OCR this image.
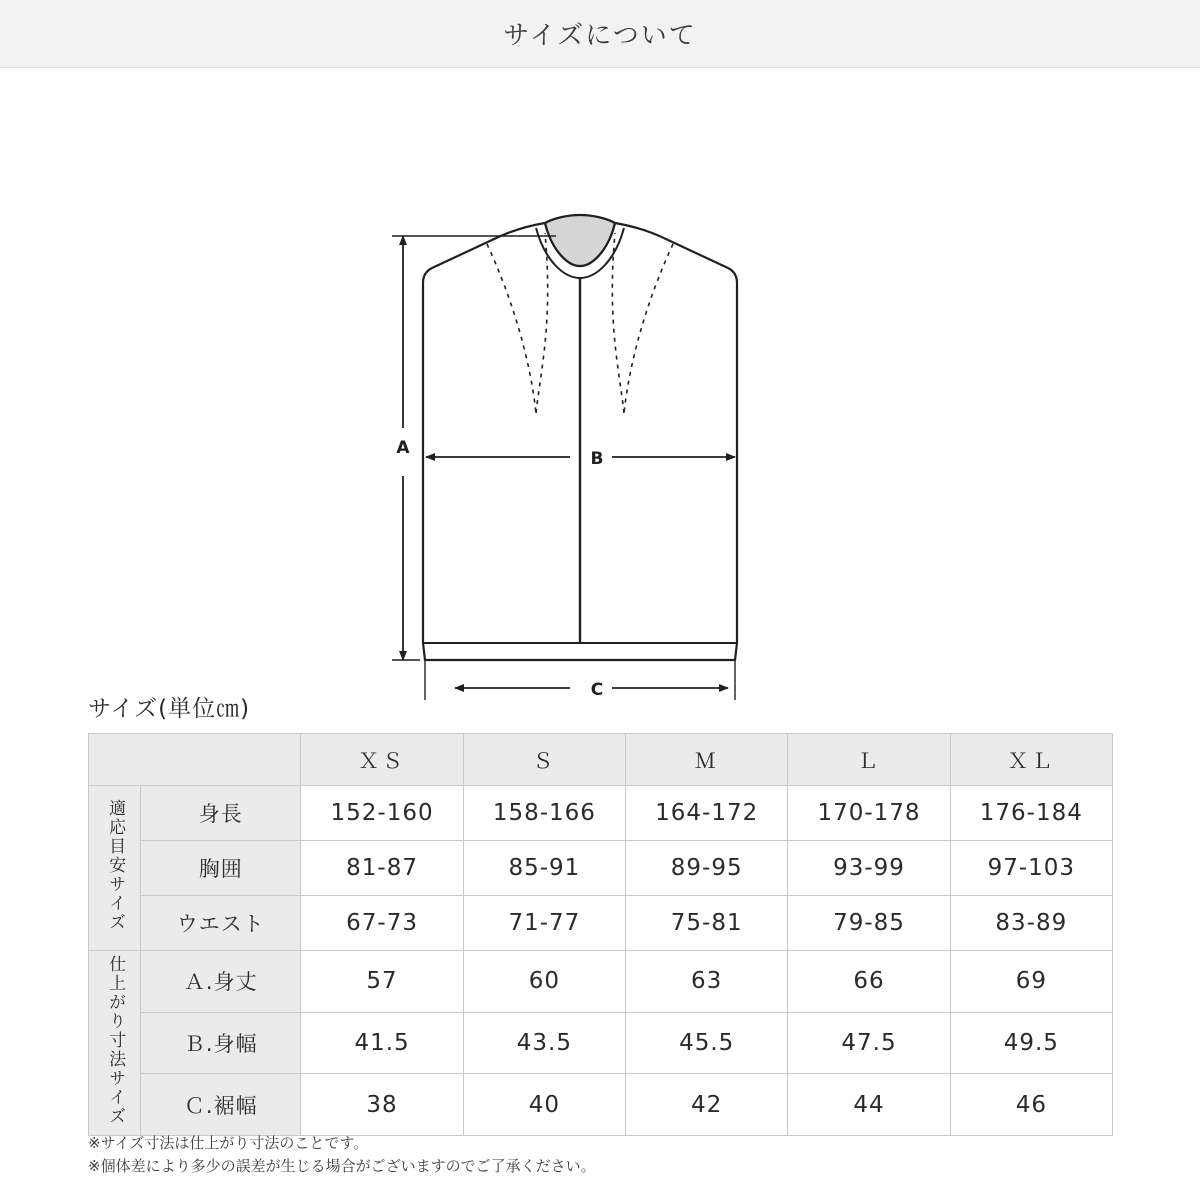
サイズについて
A
B
C
サイズ(単位㎝)
		ＸＳ	Ｓ	Ｍ	Ｌ	ＸＬ
適応目安サイズ	身長	152-160	158-166	164-172	170-178	176-184
	胸囲	81-87	85-91	89-95	93-99	97-103
	ウエスト	67-73	71-77	75-81	79-85	83-89
仕上がり寸法サイズ	Ａ.身丈	57	60	63	66	69
	Ｂ.身幅	41.5	43.5	45.5	47.5	49.5
	Ｃ.裾幅	38	40	42	44	46
※サイズ寸法は仕上がり寸法のことです。
※個体差により多少の誤差が生じる場合がございますのでご了承ください。
